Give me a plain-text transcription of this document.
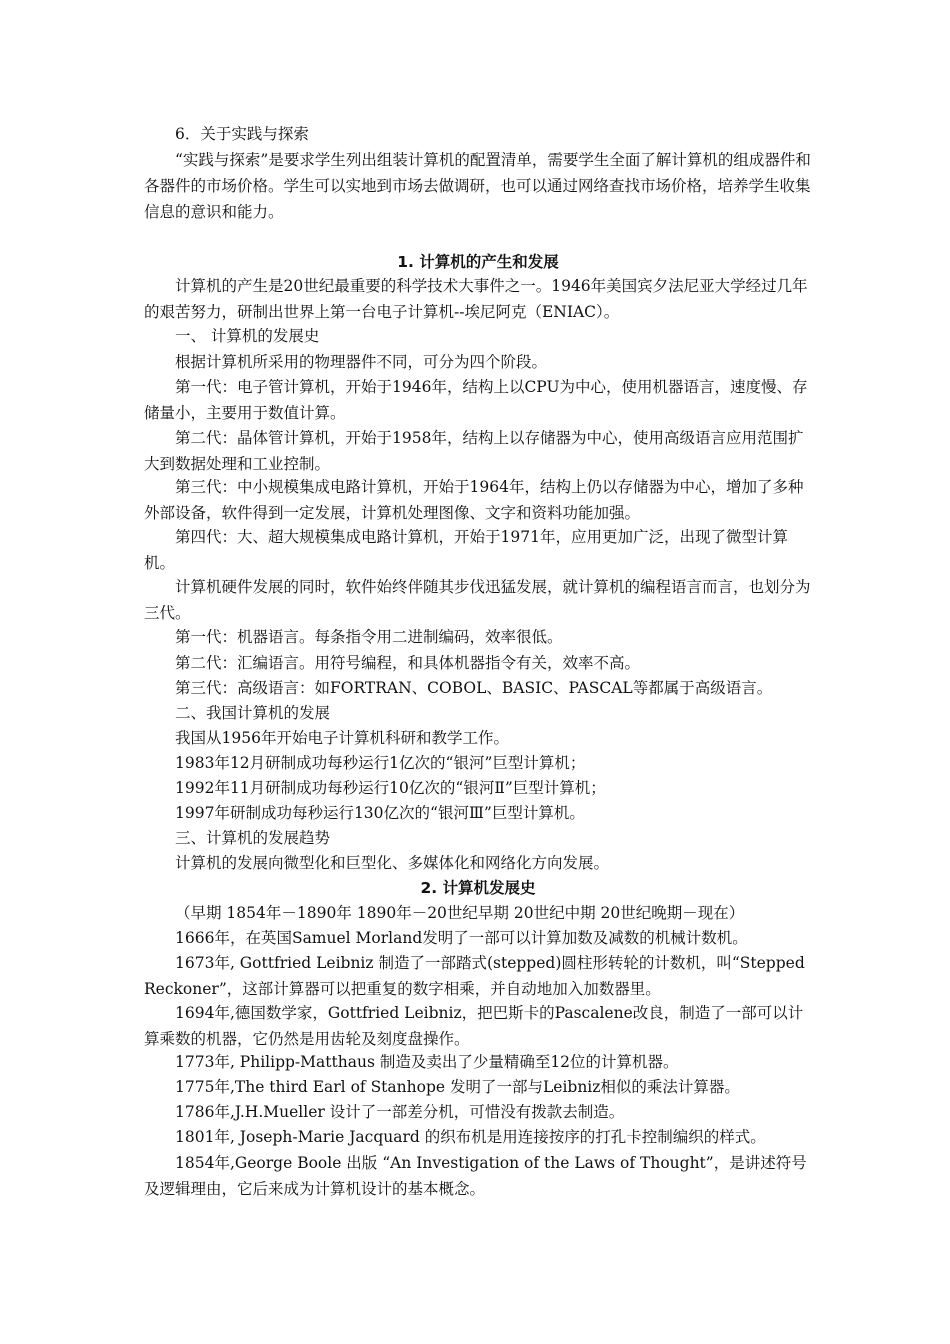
6．关于实践与探索
“实践与探索”是要求学生列出组装计算机的配置清单，需要学生全面了解计算机的组成器件和各器件的市场价格。学生可以实地到市场去做调研，也可以通过网络查找市场价格，培养学生收集信息的意识和能力。
1. 计算机的产生和发展
计算机的产生是20世纪最重要的科学技术大事件之一。1946年美国宾夕法尼亚大学经过几年的艰苦努力，研制出世界上第一台电子计算机--埃尼阿克（ENIAC）。
一、 计算机的发展史
根据计算机所采用的物理器件不同，可分为四个阶段。
第一代：电子管计算机，开始于1946年，结构上以CPU为中心，使用机器语言，速度慢、存储量小，主要用于数值计算。
第二代：晶体管计算机，开始于1958年，结构上以存储器为中心，使用高级语言应用范围扩大到数据处理和工业控制。
第三代：中小规模集成电路计算机，开始于1964年，结构上仍以存储器为中心，增加了多种外部设备，软件得到一定发展，计算机处理图像、文字和资料功能加强。
第四代：大、超大规模集成电路计算机，开始于1971年，应用更加广泛，出现了微型计算机。
计算机硬件发展的同时，软件始终伴随其步伐迅猛发展，就计算机的编程语言而言，也划分为三代。
第一代：机器语言。每条指令用二进制编码，效率很低。
第二代：汇编语言。用符号编程，和具体机器指令有关，效率不高。
第三代：高级语言：如FORTRAN、COBOL、BASIC、PASCAL等都属于高级语言。
二、我国计算机的发展
我国从1956年开始电子计算机科研和教学工作。
1983年12月研制成功每秒运行1亿次的“银河”巨型计算机；
1992年11月研制成功每秒运行10亿次的“银河Ⅱ”巨型计算机；
1997年研制成功每秒运行130亿次的“银河Ⅲ”巨型计算机。
三、计算机的发展趋势
计算机的发展向微型化和巨型化、多媒体化和网络化方向发展。
2. 计算机发展史
（早期 1854年－1890年 1890年－20世纪早期 20世纪中期 20世纪晚期－现在）
1666年，在英国Samuel Morland发明了一部可以计算加数及减数的机械计数机。
1673年, Gottfried Leibniz 制造了一部踏式(stepped)圆柱形转轮的计数机，叫“Stepped Reckoner”，这部计算器可以把重复的数字相乘，并自动地加入加数器里。
1694年,德国数学家，Gottfried Leibniz，把巴斯卡的Pascalene改良，制造了一部可以计算乘数的机器，它仍然是用齿轮及刻度盘操作。
1773年, Philipp-Matthaus 制造及卖出了少量精确至12位的计算机器。
1775年,The third Earl of Stanhope 发明了一部与Leibniz相似的乘法计算器。
1786年,J.H.Mueller 设计了一部差分机，可惜没有拨款去制造。
1801年, Joseph-Marie Jacquard 的织布机是用连接按序的打孔卡控制编织的样式。
1854年,George Boole 出版 “An Investigation of the Laws of Thought”，是讲述符号及逻辑理由，它后来成为计算机设计的基本概念。
